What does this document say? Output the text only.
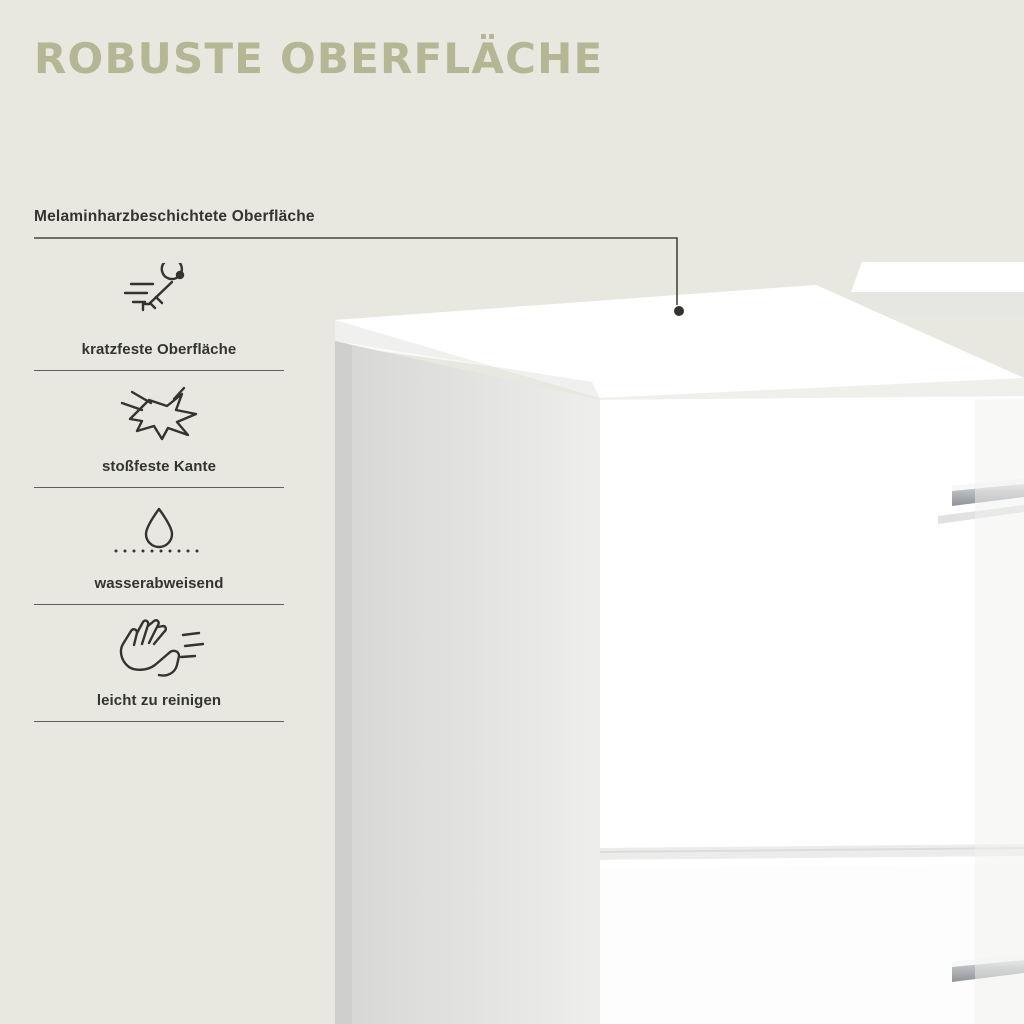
ROBUSTE OBERFLÄCHE
Melaminharzbeschichtete Oberfläche
kratzfeste Oberfläche
stoßfeste Kante
wasserabweisend
leicht zu reinigen
